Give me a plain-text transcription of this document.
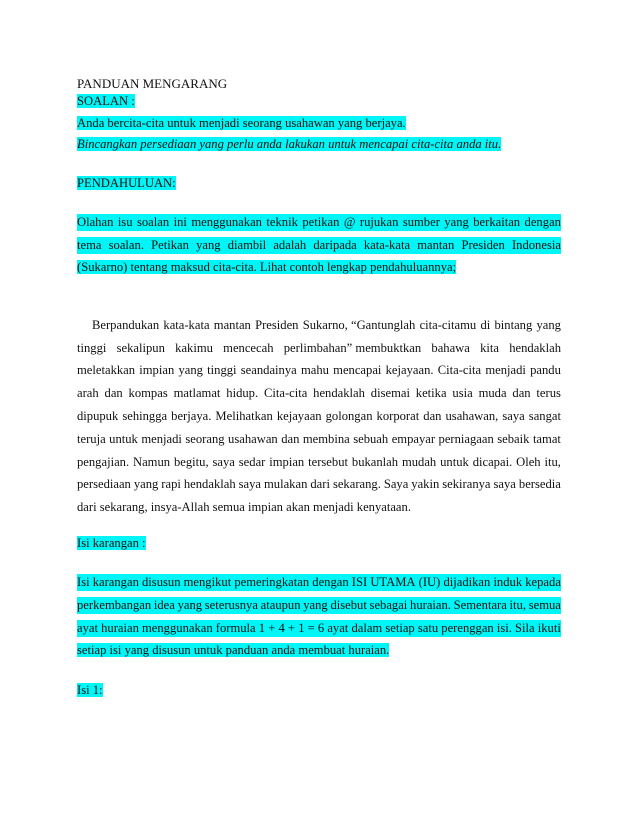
PANDUAN MENGARANG
SOALAN :
Anda bercita-cita untuk menjadi seorang usahawan yang berjaya.
Bincangkan persediaan yang perlu anda lakukan untuk mencapai cita-cita anda itu.
PENDAHULUAN:
Olahan isu soalan ini menggunakan teknik petikan @ rujukan sumber yang berkaitan dengan
tema soalan. Petikan yang diambil adalah daripada kata-kata mantan Presiden Indonesia
(Sukarno) tentang maksud cita-cita. Lihat contoh lengkap pendahuluannya;
Berpandukan kata-kata mantan Presiden Sukarno, “Gantunglah cita-citamu di bintang yang
tinggi sekalipun kakimu mencecah perlimbahan” membuktkan bahawa kita hendaklah
meletakkan impian yang tinggi seandainya mahu mencapai kejayaan. Cita-cita menjadi pandu
arah dan kompas matlamat hidup. Cita-cita hendaklah disemai ketika usia muda dan terus
dipupuk sehingga berjaya. Melihatkan kejayaan golongan korporat dan usahawan, saya sangat
teruja untuk menjadi seorang usahawan dan membina sebuah empayar perniagaan sebaik tamat
pengajian. Namun begitu, saya sedar impian tersebut bukanlah mudah untuk dicapai. Oleh itu,
persediaan yang rapi hendaklah saya mulakan dari sekarang. Saya yakin sekiranya saya bersedia
dari sekarang, insya-Allah semua impian akan menjadi kenyataan.
Isi karangan :
Isi karangan disusun mengikut pemeringkatan dengan ISI UTAMA (IU) dijadikan induk kepada
perkembangan idea yang seterusnya ataupun yang disebut sebagai huraian. Sementara itu, semua
ayat huraian menggunakan formula 1 + 4 + 1 = 6 ayat dalam setiap satu perenggan isi. Sila ikuti
setiap isi yang disusun untuk panduan anda membuat huraian.
Isi 1:
